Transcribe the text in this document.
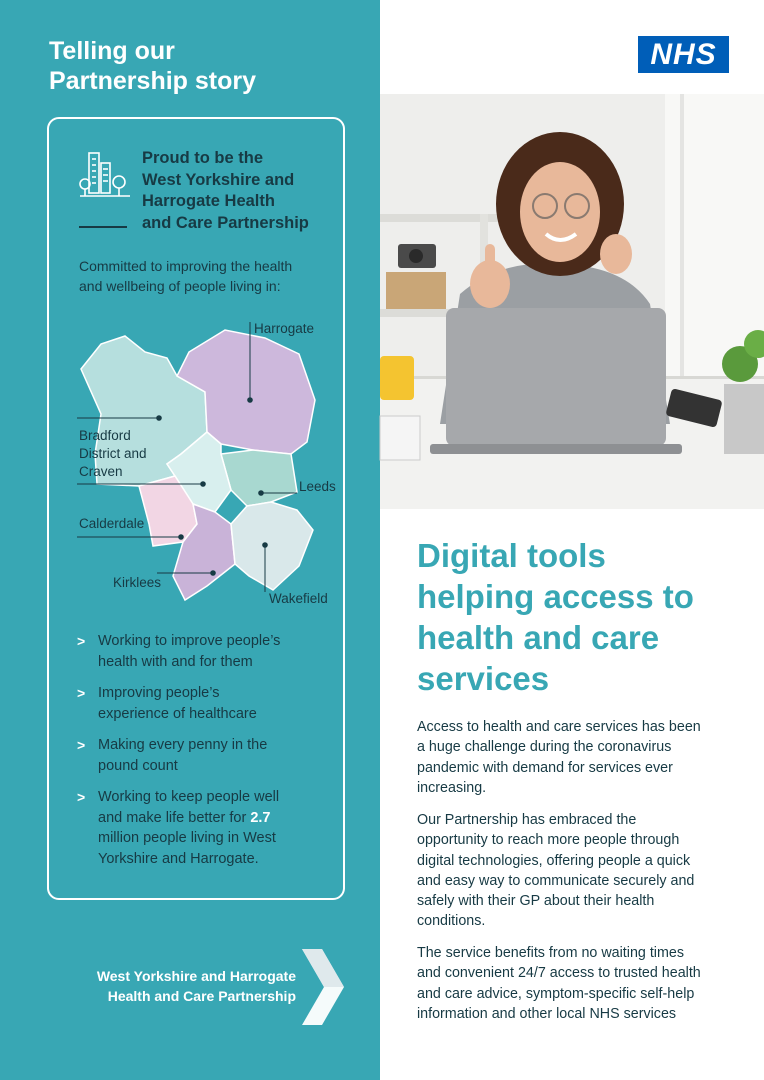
Telling our
Partnership story
Proud to be the
West Yorkshire and
Harrogate Health
and Care Partnership
Committed to improving the health
and wellbeing of people living in:
Harrogate
Bradford District and Craven
Leeds
Calderdale
Kirklees
Wakefield
> Working to improve people’s
health with and for them
> Improving people’s
experience of healthcare
> Making every penny in the
pound count
> Working to keep people well
and make life better for 2.7
million people living in West
Yorkshire and Harrogate.
West Yorkshire and Harrogate
Health and Care Partnership
NHS
Digital tools
helping access to
health and care
services
Access to health and care services has been
a huge challenge during the coronavirus
pandemic with demand for services ever
increasing.
Our Partnership has embraced the
opportunity to reach more people through
digital technologies, offering people a quick
and easy way to communicate securely and
safely with their GP about their health
conditions.
The service benefits from no waiting times
and convenient 24/7 access to trusted health
and care advice, symptom-specific self-help
information and other local NHS services
